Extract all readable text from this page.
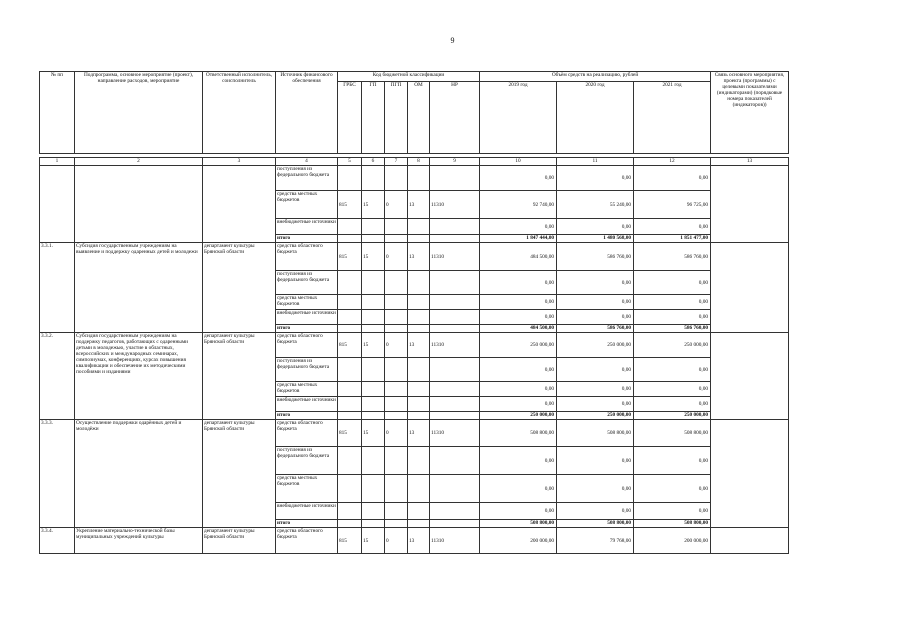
9
№ пп	Подпрограмма, основное мероприятие (проект), направление расходов, мероприятие	Ответственный исполнитель, соисполнитель	Источник финансового обеспечения	Код бюджетной классификации					Объём средств на реализацию, рублей			Связь основного мероприятия, проекта (программы) с целевыми показателями (индикаторами) (порядковые номера показателей (индикаторов))
				ГРБС	ГП	ПГП	ОМ	НР	2019 год	2020 год	2021 год	

1	2	3	4	5	6	7	8	9	10	11	12	13
			поступления из федерального бюджета						0,00	0,00	0,00	
			средства местных бюджетов	815	15	0	13	11310	92 740,00	55 240,00	96 725,00	
			внебюджетные источники						0,00	0,00	0,00	
			итого						1 847 444,00	1 480 568,00	1 851 477,00	
3.3.1.	Субсидия государственным учреждениям на выявление и поддержку одаренных детей и молодежи	департамент культуры Брянской области	средства областного бюджета	815	15	0	13	11310	484 500,00	586 760,00	586 760,00	
			поступления из федерального бюджета						0,00	0,00	0,00	
			средства местных бюджетов						0,00	0,00	0,00	
			внебюджетные источники						0,00	0,00	0,00	
			итого						484 500,00	586 760,00	586 760,00	
3.3.2.	Субсидия государственным учреждениям на поддержку педагогов, работающих с одаренными детьми в молодежью, участие в областных, всероссийских и международных семинарах, симпозиумах, конференциях, курсах повышения квалификации и обеспечение их методическими пособиями и изданиями	департамент культуры Брянской области	средства областного бюджета	815	15	0	13	11310	250 000,00	250 000,00	250 000,00	
			поступления из федерального бюджета						0,00	0,00	0,00	
			средства местных бюджетов						0,00	0,00	0,00	
			внебюджетные источники						0,00	0,00	0,00	
			итого						250 000,00	250 000,00	250 000,00	
3.3.3.	Осуществление поддержки одарённых детей и молодёжи	департамент культуры Брянской области	средства областного бюджета	815	15	0	13	11310	508 800,00	508 800,00	508 800,00	
			поступления из федерального бюджета						0,00	0,00	0,00	
			средства местных бюджетов						0,00	0,00	0,00	
			внебюджетные источники						0,00	0,00	0,00	
			итого						508 800,00	508 800,00	508 800,00	
3.3.4.	Укрепление материально-технической базы муниципальных учреждений культуры	департамент культуры Брянской области	средства областного бюджета	815	15	0	13	11310	200 000,00	79 768,00	200 000,00	
